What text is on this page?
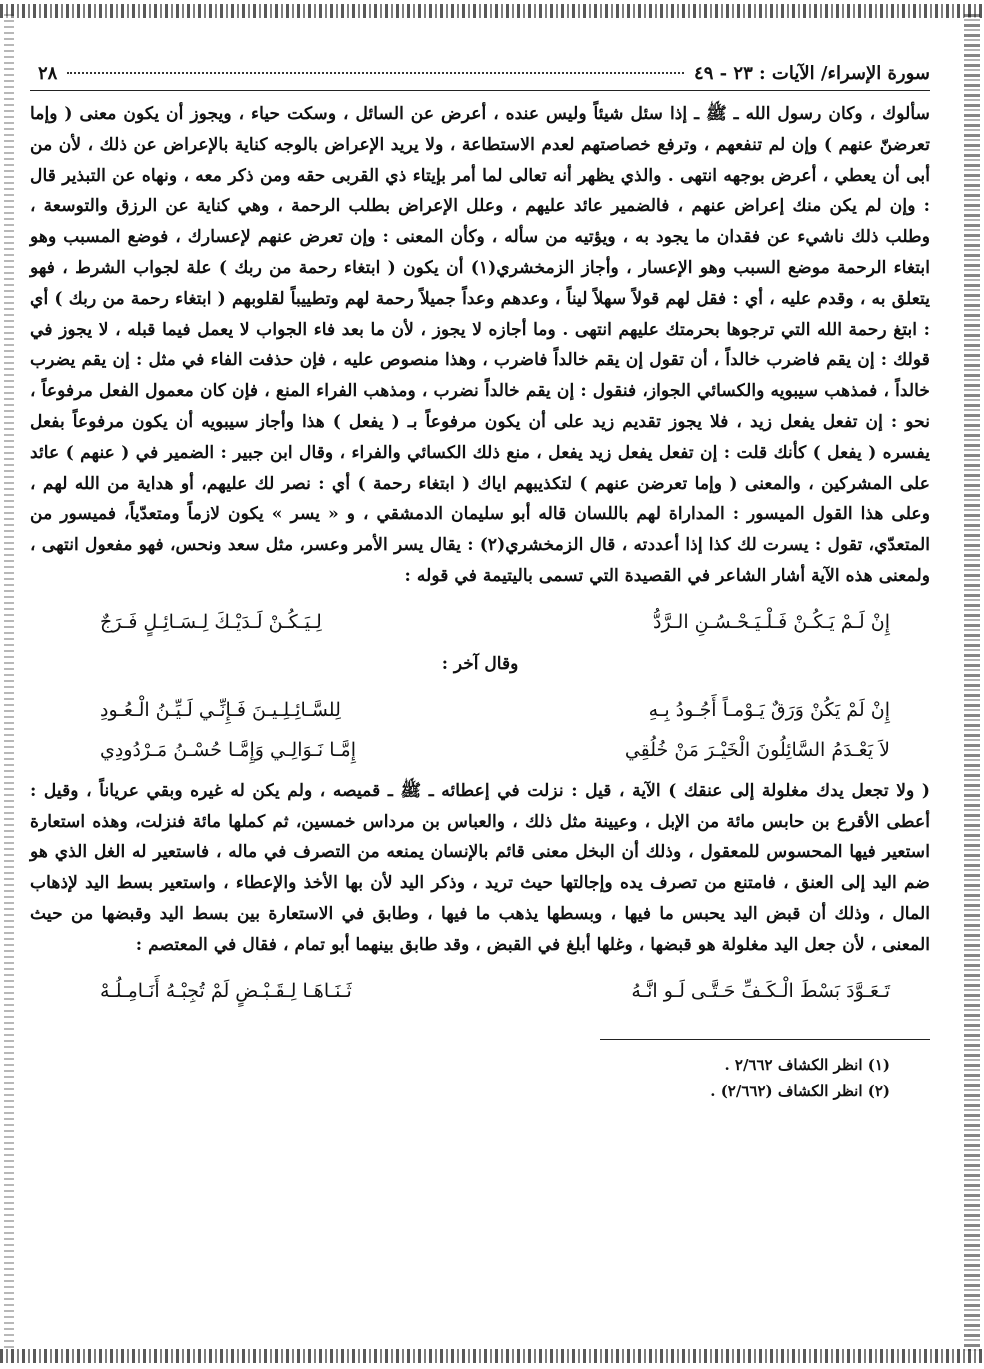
سورة الإسراء/ الآيات : ٢٣ - ٤٩
٢٨

سألوك ، وكان رسول الله ـ ﷺ ـ إذا سئل شيئاً وليس عنده ، أعرض عن السائل ، وسكت حياء ، ويجوز أن يكون معنى ( وإما تعرضنّ عنهم ) وإن لم تنفعهم ، وترفع خصاصتهم لعدم الاستطاعة ، ولا يريد الإعراض بالوجه كناية بالإعراض عن ذلك ، لأن من أبى أن يعطي ، أعرض بوجهه انتهى . والذي يظهر أنه تعالى لما أمر بإيتاء ذي القربى حقه ومن ذكر معه ، ونهاه عن التبذير قال : وإن لم يكن منك إعراض عنهم ، فالضمير عائد عليهم ، وعلل الإعراض بطلب الرحمة ، وهي كناية عن الرزق والتوسعة ، وطلب ذلك ناشيء عن فقدان ما يجود به ، ويؤتيه من سأله ، وكأن المعنى : وإن تعرض عنهم لإعسارك ، فوضع المسبب وهو ابتغاء الرحمة موضع السبب وهو الإعسار ، وأجاز الزمخشري(١) أن يكون ( ابتغاء رحمة من ربك ) علة لجواب الشرط ، فهو يتعلق به ، وقدم عليه ، أي : فقل لهم قولاً سهلاً ليناً ، وعدهم وعداً جميلاً رحمة لهم وتطييباً لقلوبهم ( ابتغاء رحمة من ربك ) أي : ابتغ رحمة الله التي ترجوها بحرمتك عليهم انتهى . وما أجازه لا يجوز ، لأن ما بعد فاء الجواب لا يعمل فيما قبله ، لا يجوز في قولك : إن يقم فاضرب خالداً ، أن تقول إن يقم خالداً فاضرب ، وهذا منصوص عليه ، فإن حذفت الفاء في مثل : إن يقم يضرب خالداً ، فمذهب سيبويه والكسائي الجواز، فنقول : إن يقم خالداً نضرب ، ومذهب الفراء المنع ، فإن كان معمول الفعل مرفوعاً ، نحو : إن تفعل يفعل زيد ، فلا يجوز تقديم زيد على أن يكون مرفوعاً بـ ( يفعل ) هذا وأجاز سيبويه أن يكون مرفوعاً بفعل يفسره ( يفعل ) كأنك قلت : إن تفعل يفعل زيد يفعل ، منع ذلك الكسائي والفراء ، وقال ابن جبير : الضمير في ( عنهم ) عائد على المشركين ، والمعنى ( وإما تعرضن عنهم ) لتكذيبهم اياك ( ابتغاء رحمة ) أي : نصر لك عليهم، أو هداية من الله لهم ، وعلى هذا القول الميسور : المداراة لهم باللسان قاله أبو سليمان الدمشقي ، و « يسر » يكون لازماً ومتعدّياً، فميسور من المتعدّي، تقول : يسرت لك كذا إذا أعددته ، قال الزمخشري(٢) : يقال يسر الأمر وعسر، مثل سعد ونحس، فهو مفعول انتهى ، ولمعنى هذه الآية أشار الشاعر في القصيدة التي تسمى باليتيمة في قوله :

إِنْ لَـمْ يَـكُـنْ فَـلْـيَـحْـسُـنِ الـرَّدُّ
لِـيَـكُـنْ لَـدَيْـكَ لِـسَـائِـلٍ فَـرَجٌ
وقال آخر :
إِنْ لَمْ يَكُنْ وَرَقٌ يَـوْمـاً أَجُـودُ بِـهِ
لِلسَّـائِـلِـيـنَ فَـإِنِّـي لَـيِّـنُ الْـعُـودِ
لاَ يَعْـدَمُ السَّائِلُونَ الْخَيْـرَ مَنْ خُلُقِي
إِمَّـا نَـوَالِـي وَإِمَّـا حُسْـنُ مَـرْدُودِي

( ولا تجعل يدك مغلولة إلى عنقك ) الآية ، قيل : نزلت في إعطائه ـ ﷺ ـ قميصه ، ولم يكن له غيره وبقي عرياناً ، وقيل : أعطى الأقرع بن حابس مائة من الإبل ، وعيينة مثل ذلك ، والعباس بن مرداس خمسين، ثم كملها مائة فنزلت، وهذه استعارة استعير فيها المحسوس للمعقول ، وذلك أن البخل معنى قائم بالإنسان يمنعه من التصرف في ماله ، فاستعير له الغل الذي هو ضم اليد إلى العنق ، فامتنع من تصرف يده وإجالتها حيث تريد ، وذكر اليد لأن بها الأخذ والإعطاء ، واستعير بسط اليد لإذهاب المال ، وذلك أن قبض اليد يحبس ما فيها ، وبسطها يذهب ما فيها ، وطابق في الاستعارة بين بسط اليد وقبضها من حيث المعنى ، لأن جعل اليد مغلولة هو قبضها ، وغلها أبلغ في القبض ، وقد طابق بينهما أبو تمام ، فقال في المعتصم :

تَـعَـوَّدَ بَسْطَ الْـكَـفِّ حَـتَّـى لَـو انَّـهُ
ثَـنَـاهَـا لِـقَـبْـضٍ لَمْ تُجِبْـهُ أَنَـامِـلُـهْ
(١) انظر الكشاف ٢/٦٦٢ .
(٢) انظر الكشاف (٢/٦٦٢) .
